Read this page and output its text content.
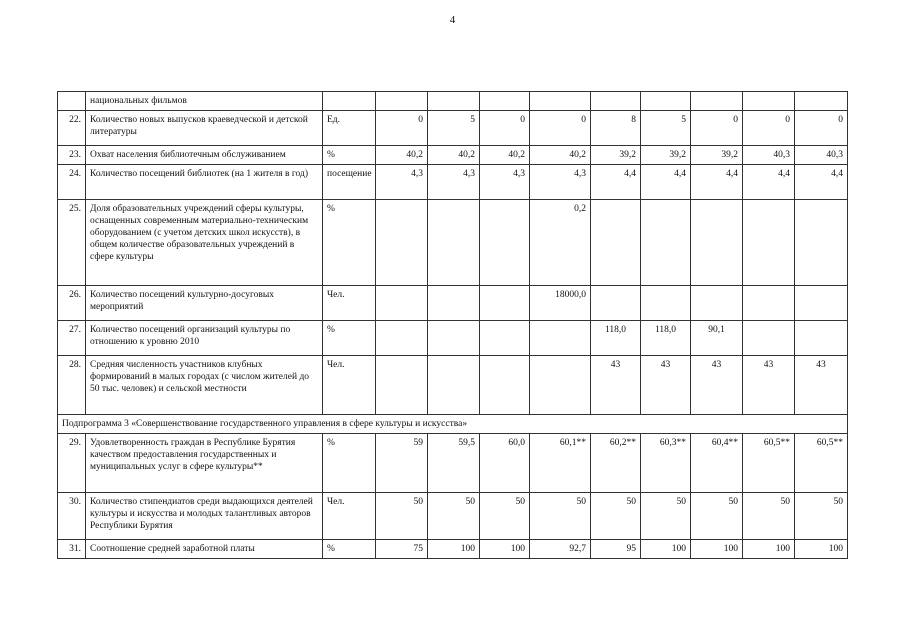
4
	национальных фильмов										
22.	Количество новых выпусков краеведческой и детской литературы	Ед.	0	5	0	0	8	5	0	0	0
23.	Охват населения библиотечным обслуживанием	%	40,2	40,2	40,2	40,2	39,2	39,2	39,2	40,3	40,3
24.	Количество посещений библиотек (на 1 жителя в год)	посещение	4,3	4,3	4,3	4,3	4,4	4,4	4,4	4,4	4,4
25.	Доля образовательных учреждений сферы культуры, оснащенных современным материально-техническим оборудованием (с учетом детских школ искусств), в общем количестве образовательных учреждений в сфере культуры	%				0,2					
26.	Количество посещений культурно-досуговых мероприятий	Чел.				18000,0					
27.	Количество посещений организаций культуры по отношению к уровню 2010	%					118,0	118,0	90,1		
28.	Средняя численность участников клубных формирований в малых городах (с числом жителей до 50 тыс. человек) и сельской местности	Чел.					43	43	43	43	43
Подпрограмма 3 «Совершенствование государственного управления в сфере культуры и искусства»											
29.	Удовлетворенность граждан в Республике Бурятия качеством предоставления государственных и муниципальных услуг в сфере культуры**	%	59	59,5	60,0	60,1**	60,2**	60,3**	60,4**	60,5**	60,5**
30.	Количество стипендиатов среди выдающихся деятелей культуры и искусства и молодых талантливых авторов Республики Бурятия	Чел.	50	50	50	50	50	50	50	50	50
31.	Соотношение средней заработной платы	%	75	100	100	92,7	95	100	100	100	100
